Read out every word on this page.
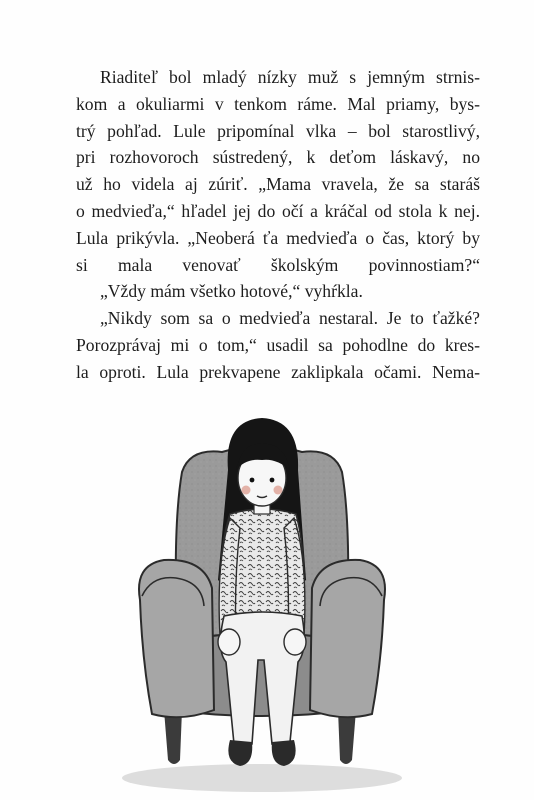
Riaditeľ bol mladý nízky muž s jemným strnis-
kom a okuliarmi v tenkom ráme. Mal priamy, bys-
trý pohľad. Lule pripomínal vlka – bol starostlivý,
pri rozhovoroch sústredený, k deťom láskavý, no
už ho videla aj zúriť. „Mama vravela, že sa staráš
o medvieďa,“ hľadel jej do očí a kráčal od stola k nej.
Lula prikývla. „Neoberá ťa medvieďa o čas, ktorý by
si mala venovať školským povinnostiam?“
„Vždy mám všetko hotové,“ vyhŕkla.
„Nikdy som sa o medvieďa nestaral. Je to ťažké?
Porozprávaj mi o tom,“ usadil sa pohodlne do kres-
la oproti. Lula prekvapene zaklipkala očami. Nema-
